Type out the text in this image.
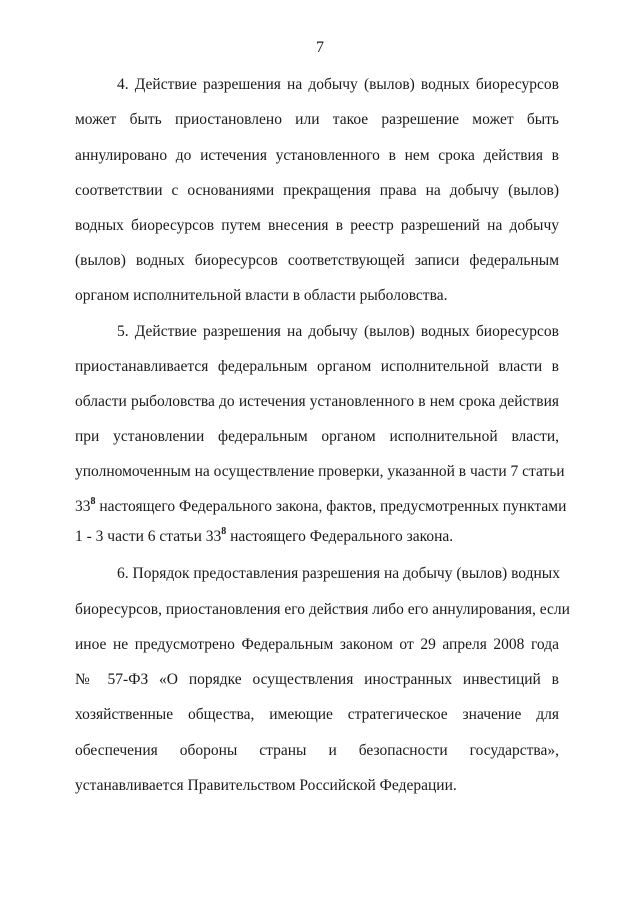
7
4. Действие разрешения на добычу (вылов) водных биоресурсов
может быть приостановлено или такое разрешение может быть
аннулировано до истечения установленного в нем срока действия в
соответствии с основаниями прекращения права на добычу (вылов)
водных биоресурсов путем внесения в реестр разрешений на добычу
(вылов) водных биоресурсов соответствующей записи федеральным
органом исполнительной власти в области рыболовства.
5. Действие разрешения на добычу (вылов) водных биоресурсов
приостанавливается федеральным органом исполнительной власти в
области рыболовства до истечения установленного в нем срока действия
при установлении федеральным органом исполнительной власти,
уполномоченным на осуществление проверки, указанной в части 7 статьи
$33^8$ настоящего Федерального закона, фактов, предусмотренных пунктами
1 - 3 части 6 статьи $33^8$ настоящего Федерального закона.
6. Порядок предоставления разрешения на добычу (вылов) водных
биоресурсов, приостановления его действия либо его аннулирования, если
иное не предусмотрено Федеральным законом от 29 апреля 2008 года
№ 57-ФЗ «О порядке осуществления иностранных инвестиций в
хозяйственные общества, имеющие стратегическое значение для
обеспечения обороны страны и безопасности государства»,
устанавливается Правительством Российской Федерации.
